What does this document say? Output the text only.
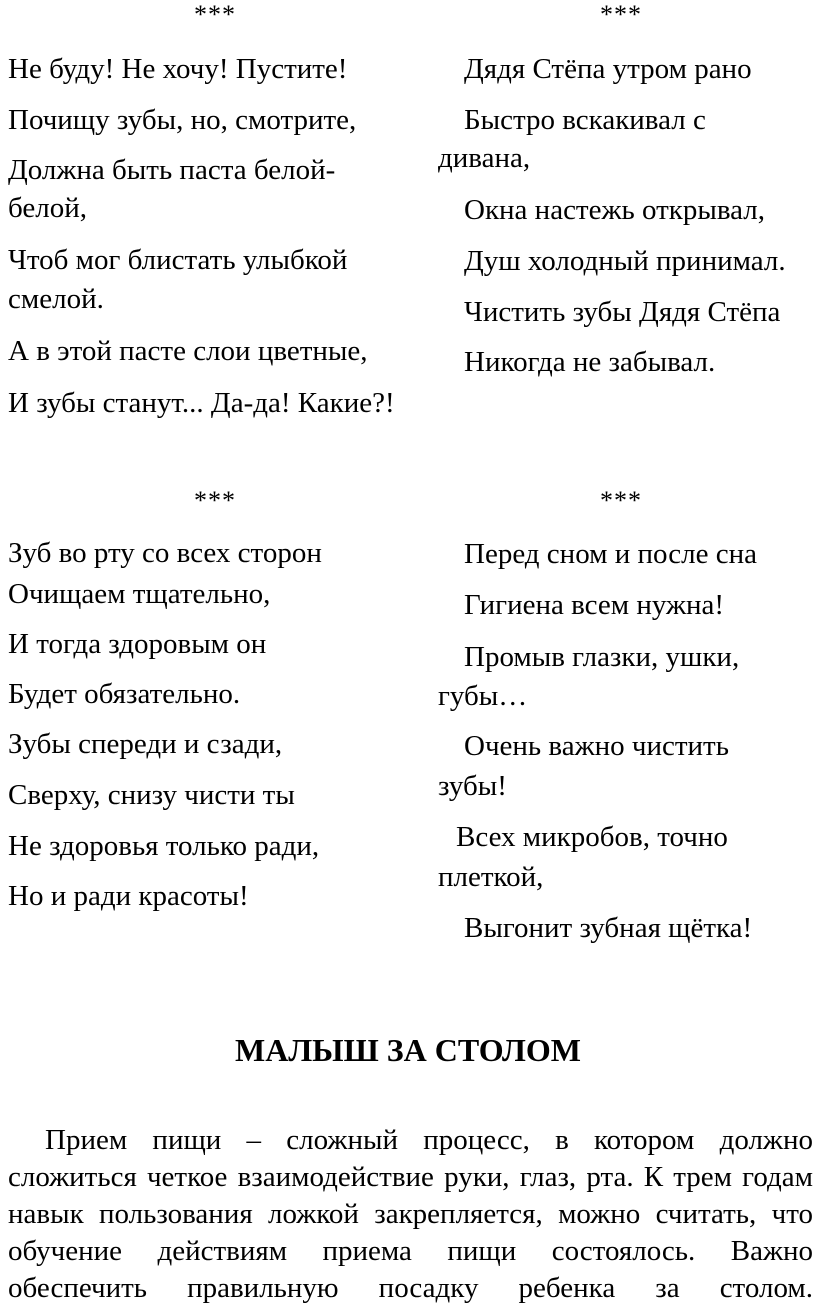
***
Не буду! Не хочу! Пустите!
Почищу зубы, но, смотрите,
Должна быть паста белой-
белой,
Чтоб мог блистать улыбкой
смелой.
А в этой пасте слои цветные,
И зубы станут... Да-да! Какие?!
***
Дядя Стёпа утром рано
Быстро вскакивал с
дивана,
Окна настежь открывал,
Душ холодный принимал.
Чистить зубы Дядя Стёпа
Никогда не забывал.
***
Зуб во рту со всех сторон
Очищаем тщательно,
И тогда здоровым он
Будет обязательно.
Зубы спереди и сзади,
Сверху, снизу чисти ты
Не здоровья только ради,
Но и ради красоты!
***
Перед сном и после сна
Гигиена всем нужна!
Промыв глазки, ушки,
губы…
Очень важно чистить
зубы!
Всех микробов, точно
плеткой,
Выгонит зубная щётка!
МАЛЫШ ЗА СТОЛОМ
Прием пищи – сложный процесс, в котором должно
сложиться четкое взаимодействие руки, глаз, рта. К трем годам
навык пользования ложкой закрепляется, можно считать, что
обучение действиям приема пищи состоялось. Важно
обеспечить правильную посадку ребенка за столом.
